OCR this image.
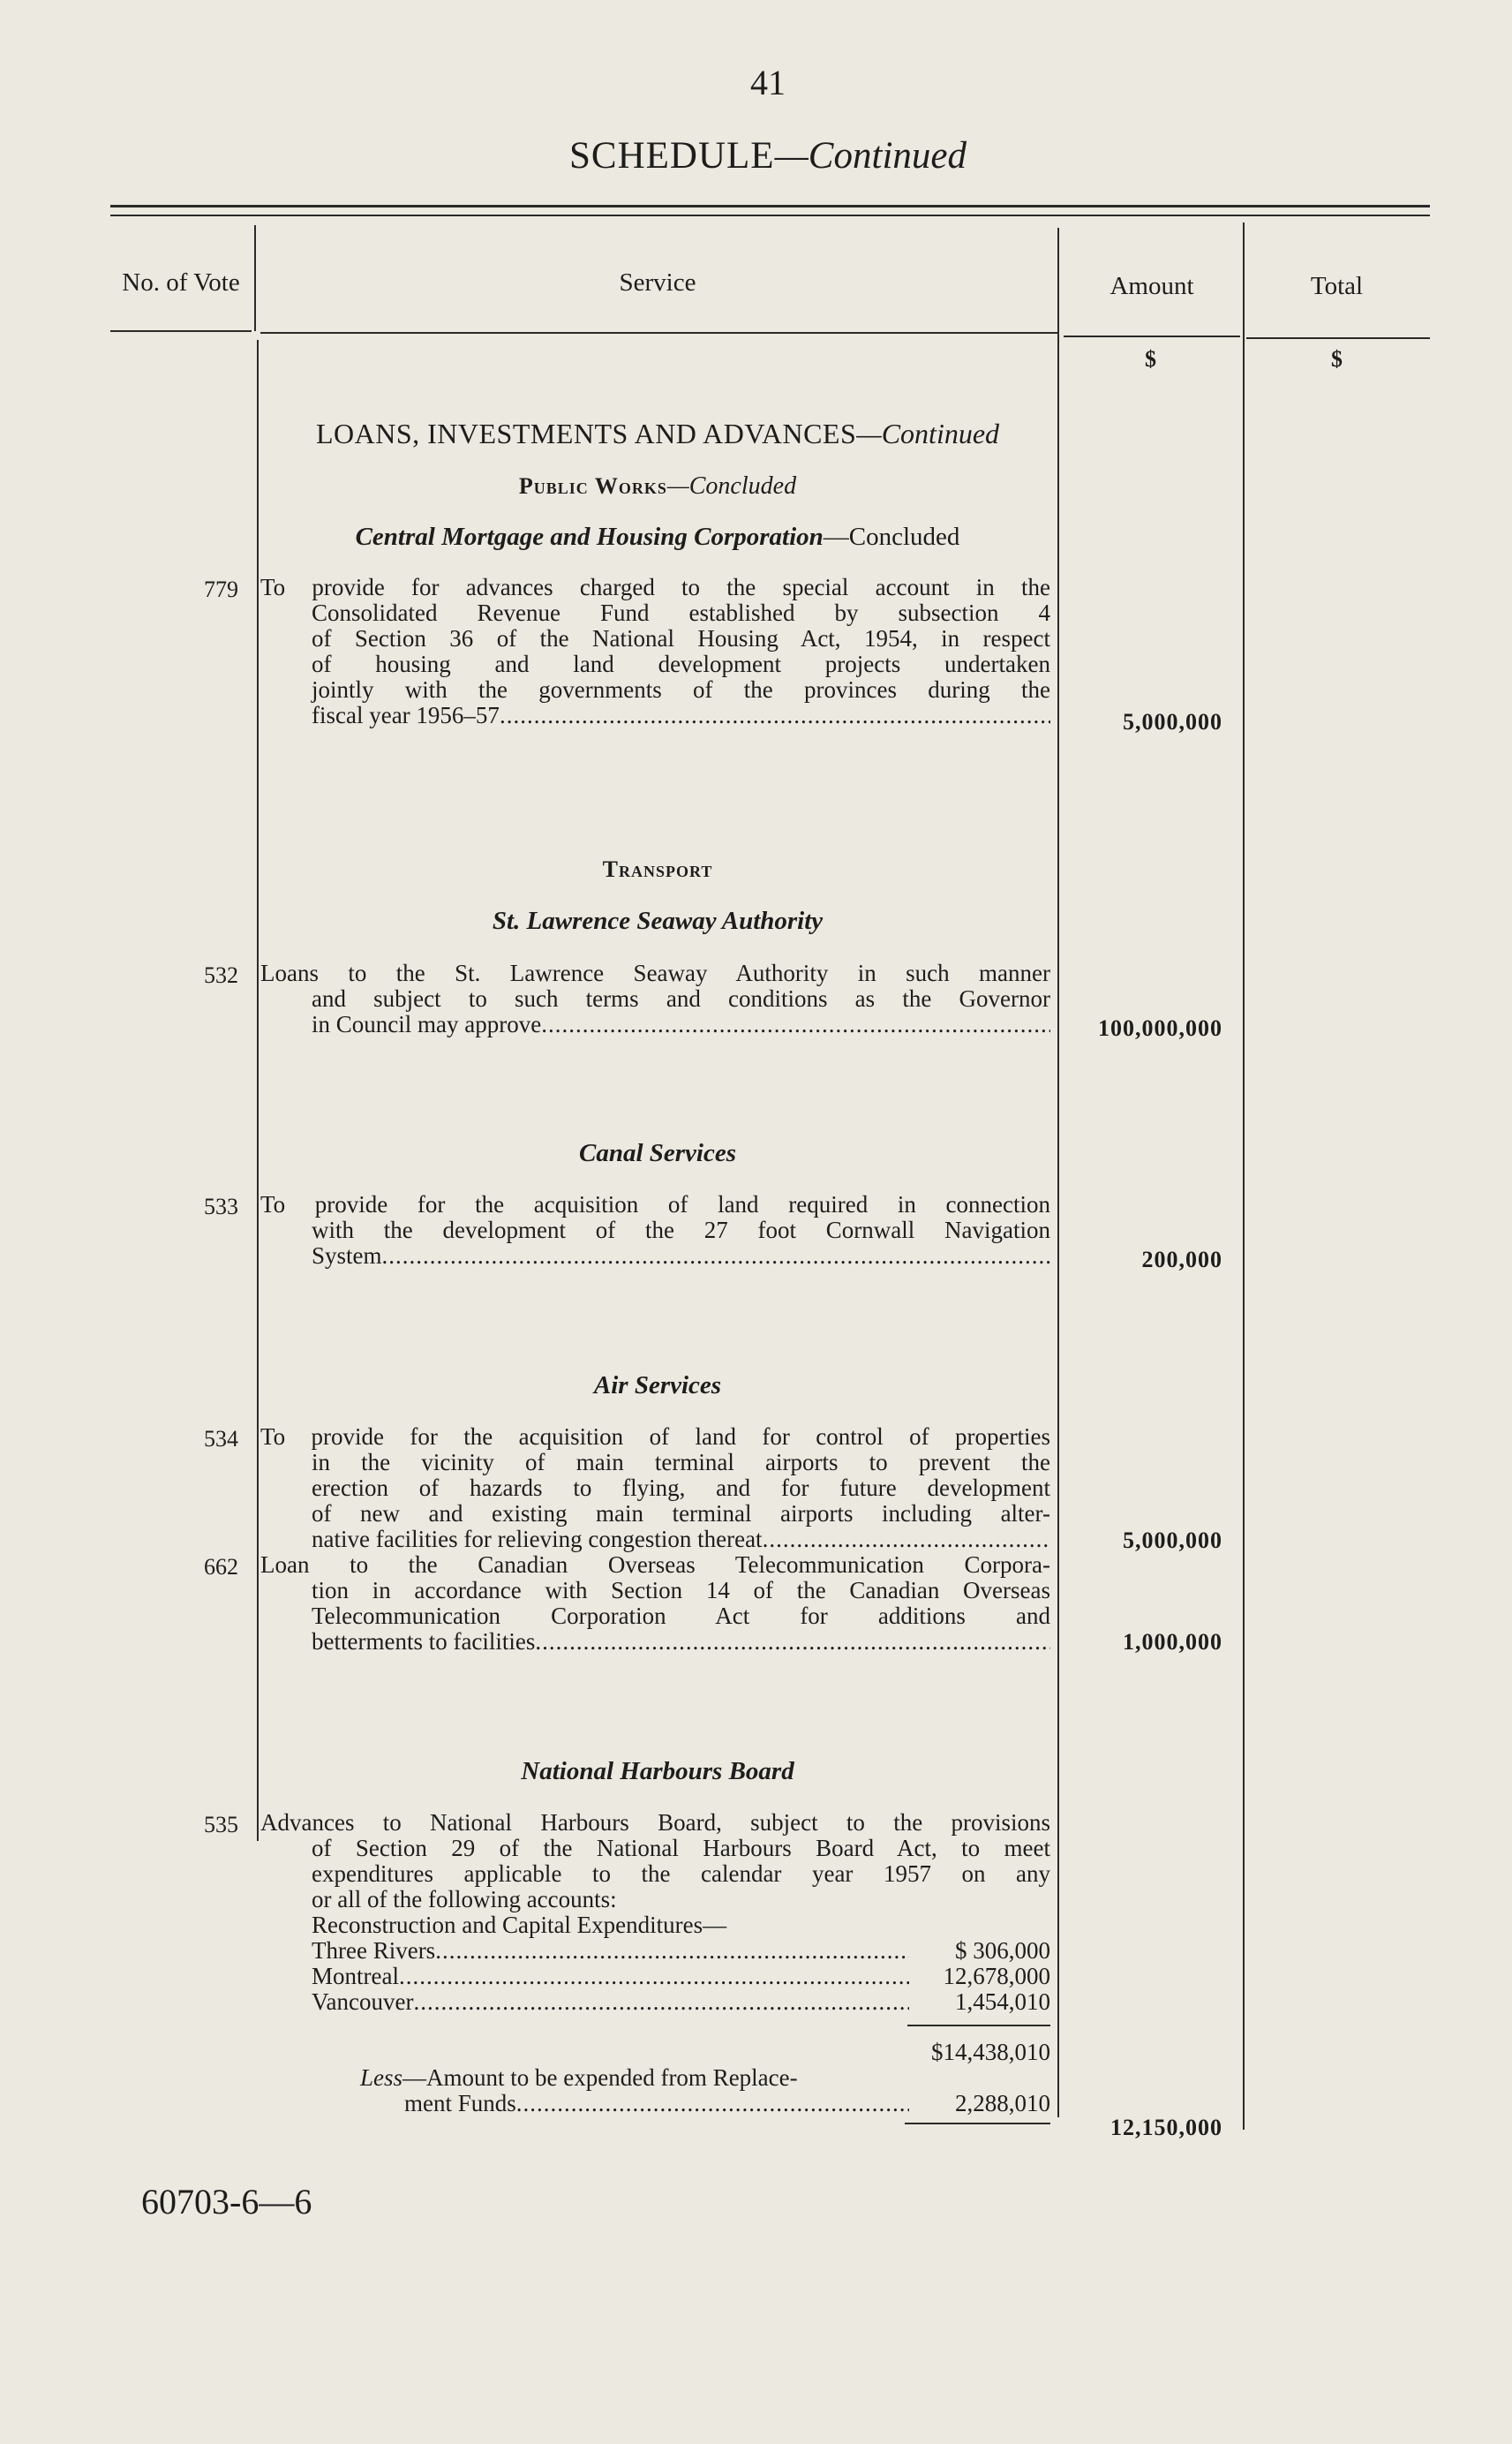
41
SCHEDULE—Continued
No. of Vote	Service	Amount	Total
$	$
LOANS, INVESTMENTS AND ADVANCES—Continued
Public Works—Concluded
Central Mortgage and Housing Corporation—Concluded
779 To provide for advances charged to the special account in the
Consolidated Revenue Fund established by subsection 4
of Section 36 of the National Housing Act, 1954, in respect
of housing and land development projects undertaken
jointly with the governments of the provinces during the
fiscal year 1956–57 .....	5,000,000
Transport
St. Lawrence Seaway Authority
532 Loans to the St. Lawrence Seaway Authority in such manner
and subject to such terms and conditions as the Governor
in Council may approve .....	100,000,000
Canal Services
533 To provide for the acquisition of land required in connection
with the development of the 27 foot Cornwall Navigation
System .....	200,000
Air Services
534 To provide for the acquisition of land for control of properties
in the vicinity of main terminal airports to prevent the
erection of hazards to flying, and for future development
of new and existing main terminal airports including alter-
native facilities for relieving congestion thereat .....	5,000,000
662 Loan to the Canadian Overseas Telecommunication Corpora-
tion in accordance with Section 14 of the Canadian Overseas
Telecommunication Corporation Act for additions and
betterments to facilities .....	1,000,000
National Harbours Board
535 Advances to National Harbours Board, subject to the provisions
of Section 29 of the National Harbours Board Act, to meet
expenditures applicable to the calendar year 1957 on any
or all of the following accounts:
Reconstruction and Capital Expenditures—
Three Rivers .....	$ 306,000
Montreal .....	12,678,000
Vancouver .....	1,454,010
$14,438,010
Less—Amount to be expended from Replace-
ment Funds .....	2,288,010
12,150,000
60703-6—6
